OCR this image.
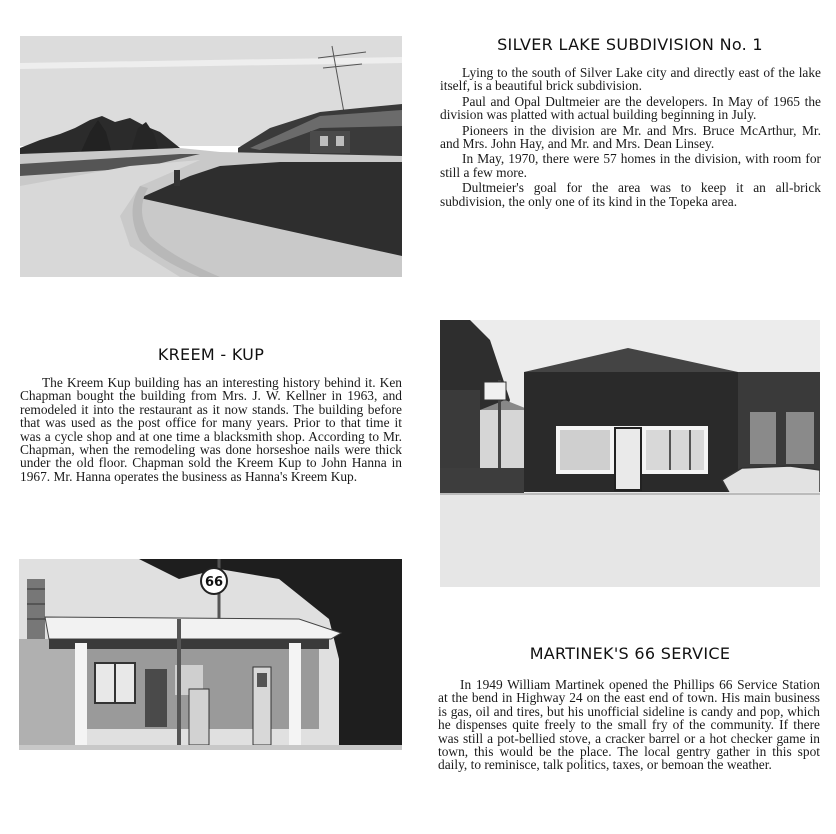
SILVER LAKE SUBDIVISION No. 1

Lying to the south of Silver Lake city and directly east of the lake itself, is a beautiful brick subdivision.

Paul and Opal Dultmeier are the developers. In May of 1965 the division was platted with actual building beginning in July.

Pioneers in the division are Mr. and Mrs. Bruce McArthur, Mr. and Mrs. John Hay, and Mr. and Mrs. Dean Linsey.

In May, 1970, there were 57 homes in the division, with room for still a few more.

Dultmeier's goal for the area was to keep it an all-brick subdivision, the only one of its kind in the Topeka area.

KREEM - KUP

The Kreem Kup building has an interesting history behind it. Ken Chapman bought the building from Mrs. J. W. Kellner in 1963, and remodeled it into the restaurant as it now stands. The building before that was used as the post office for many years. Prior to that time it was a cycle shop and at one time a blacksmith shop. According to Mr. Chapman, when the remodeling was done horseshoe nails were thick under the old floor. Chapman sold the Kreem Kup to John Hanna in 1967. Mr. Hanna operates the business as Hanna's Kreem Kup.

66
MARTINEK'S 66 SERVICE

In 1949 William Martinek opened the Phillips 66 Service Station at the bend in Highway 24 on the east end of town. His main business is gas, oil and tires, but his unofficial sideline is candy and pop, which he dispenses quite freely to the small fry of the community. If there was still a pot-bellied stove, a cracker barrel or a hot checker game in town, this would be the place. The local gentry gather in this spot daily, to reminisce, talk politics, taxes, or bemoan the weather.
